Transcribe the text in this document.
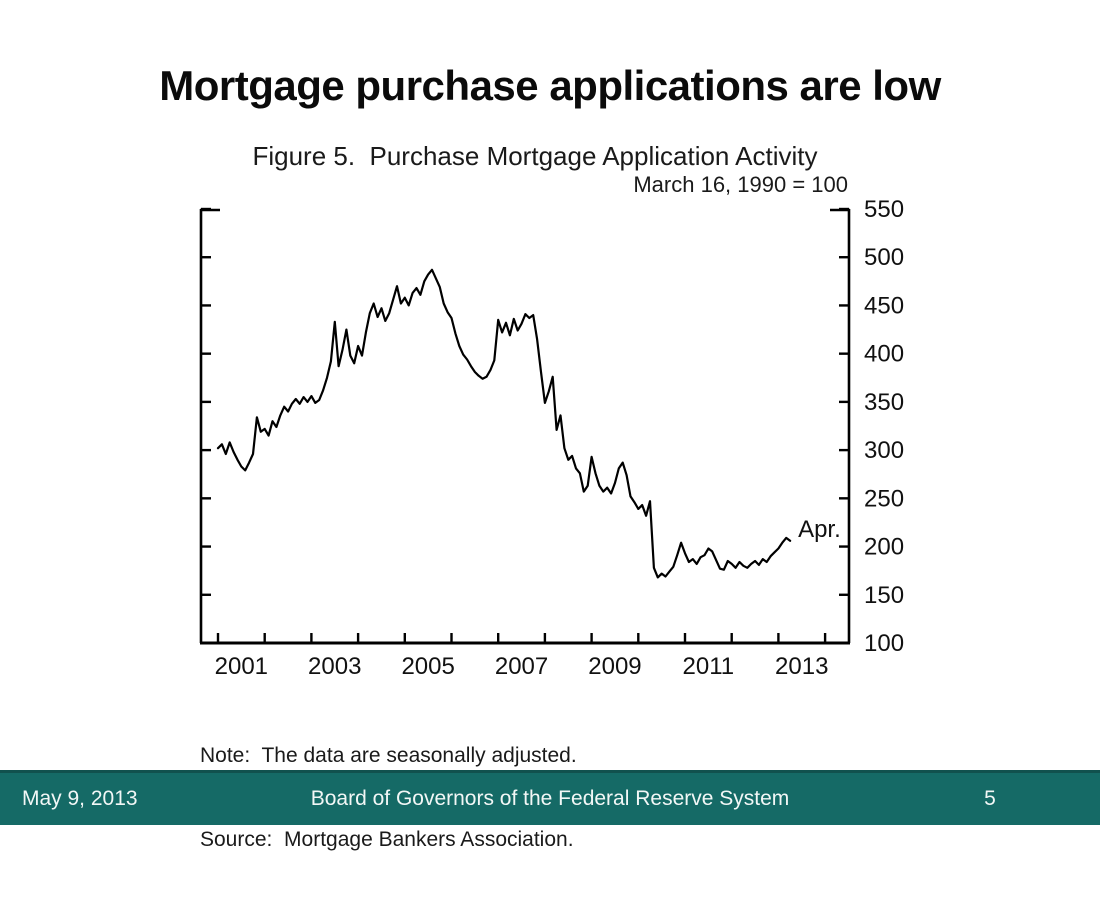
Mortgage purchase applications are low
Figure 5.  Purchase Mortgage Application Activity
March 16, 1990 = 100
100
150
200
250
300
350
400
450
500
550
2001 2003 2005 2007 2009 2011 2013
Apr.

Note:  The data are seasonally adjusted.

Source:  Mortgage Bankers Association.

May 9, 2013	Board of Governors of the Federal Reserve System	5
